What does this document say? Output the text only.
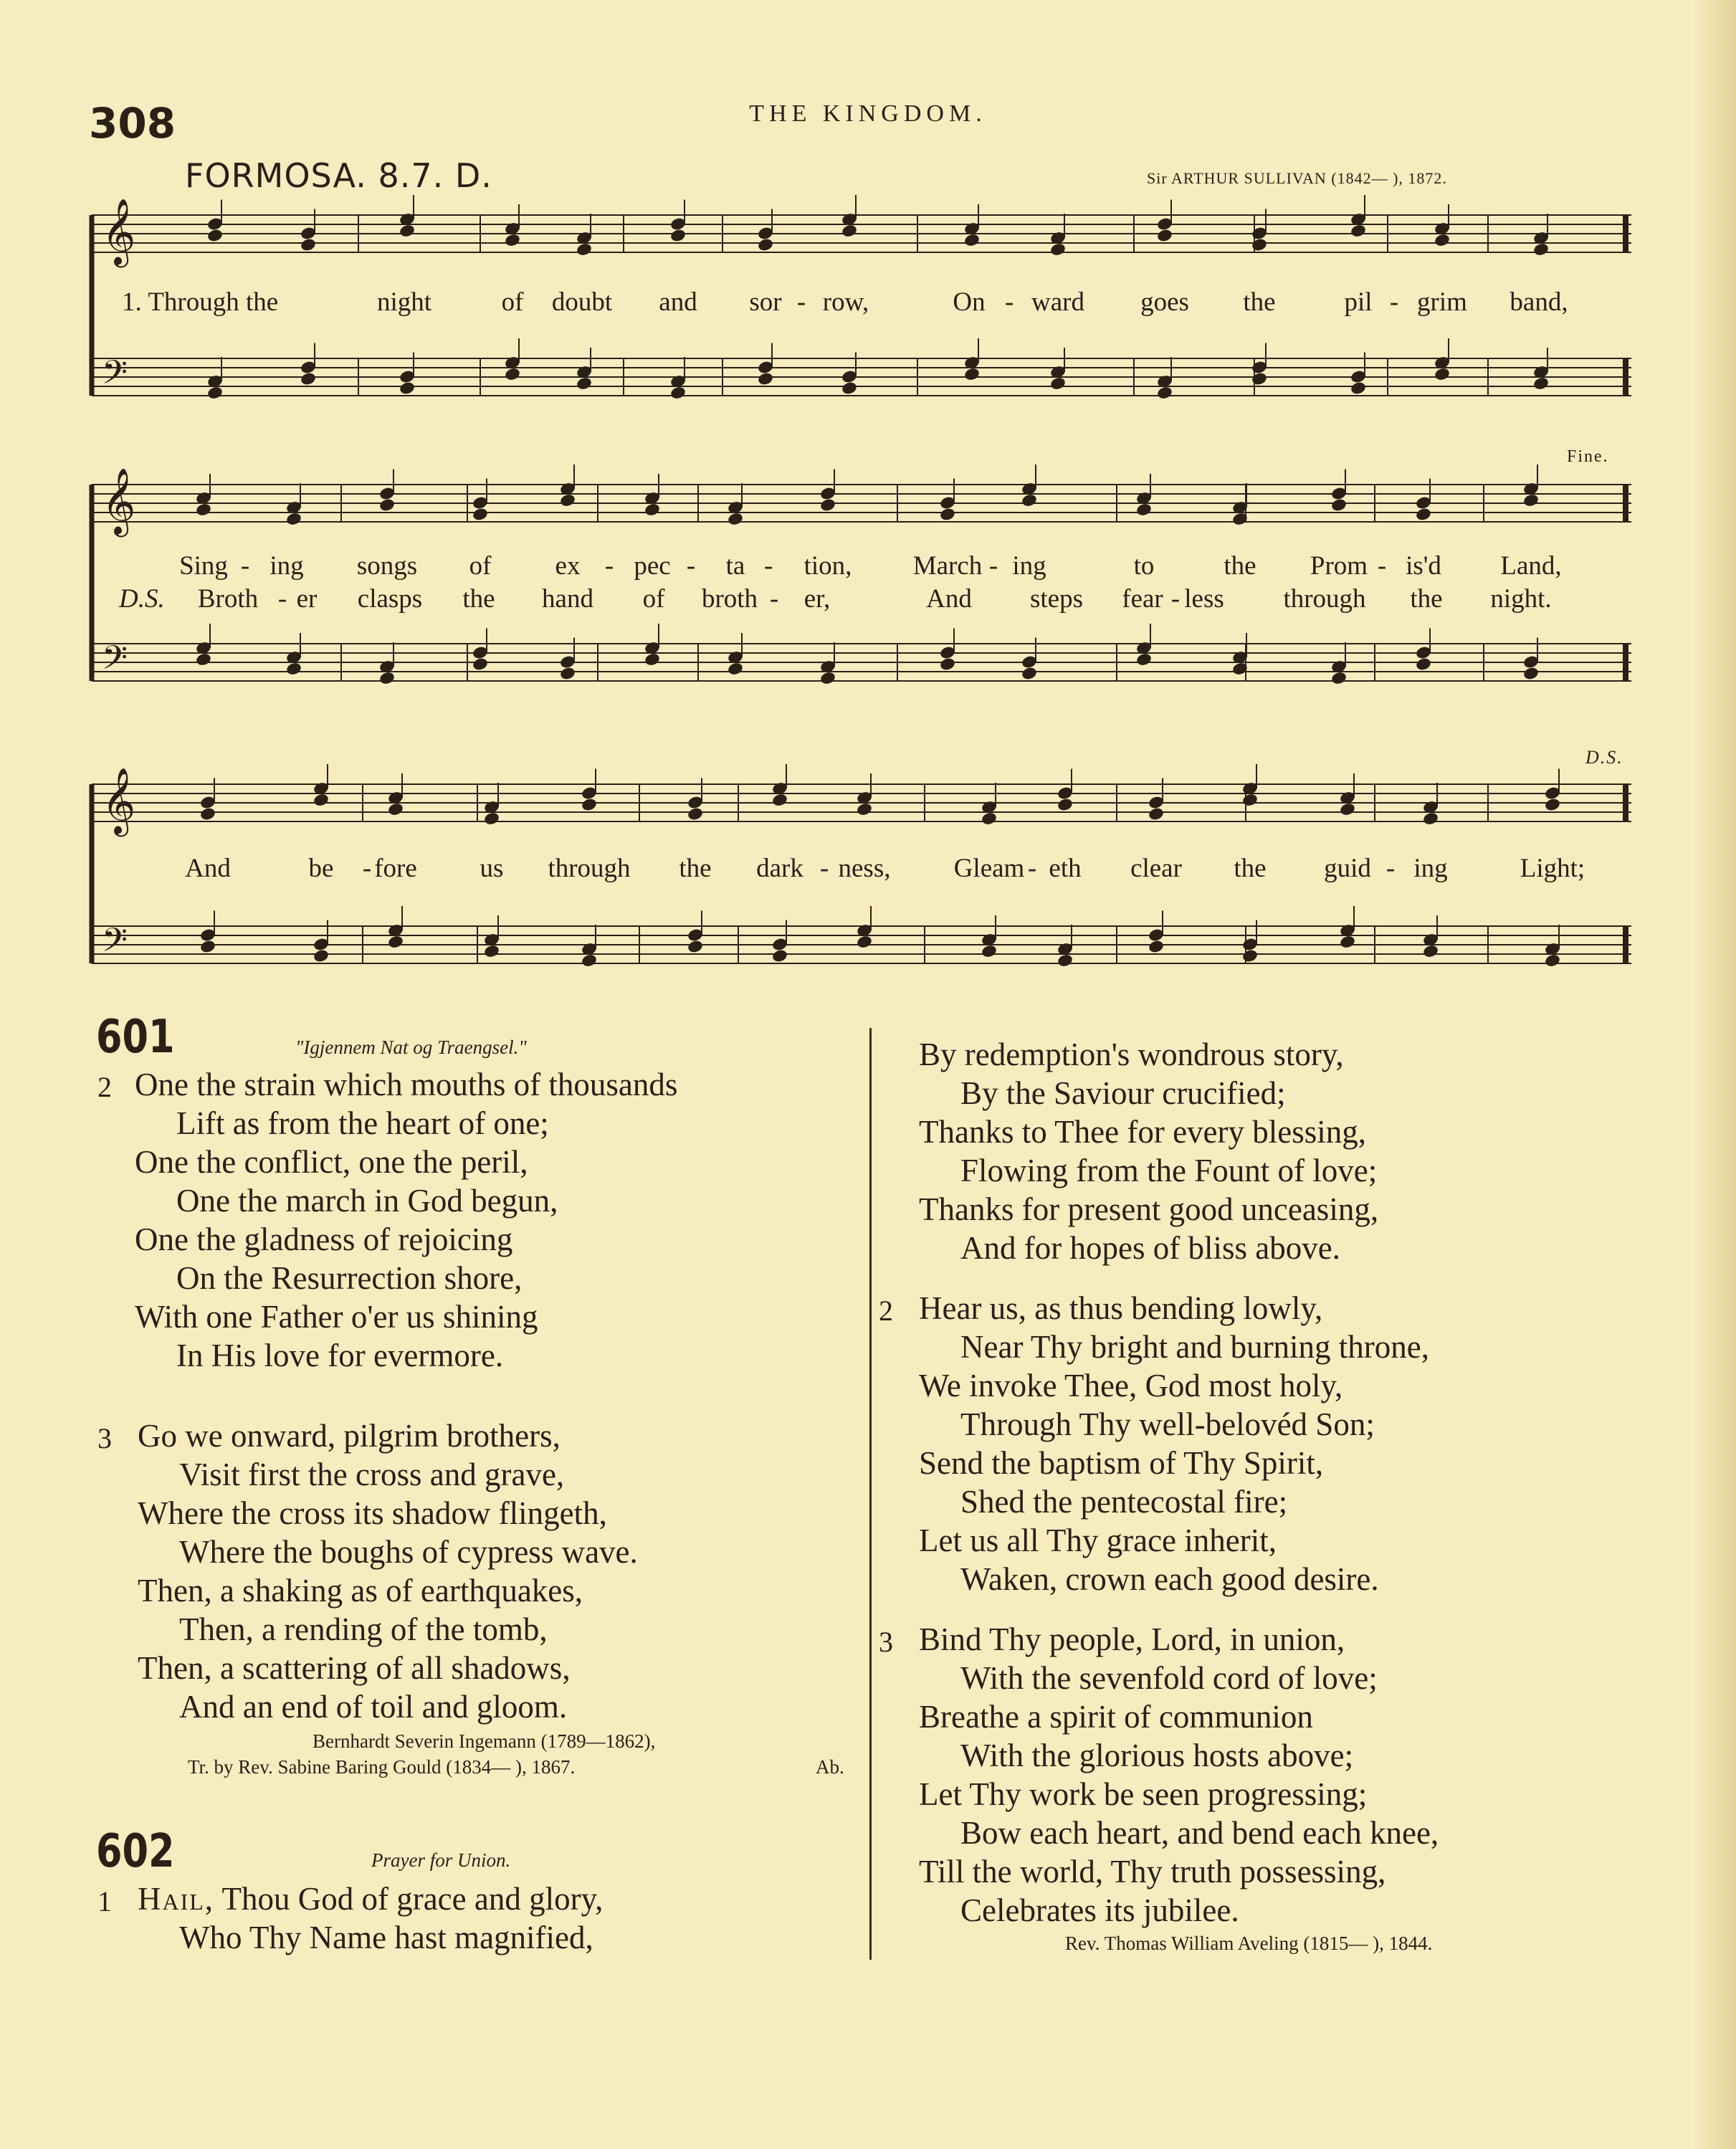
308	THE KINGDOM.
FORMOSA. 8.7. D.	Sir ARTHUR SULLIVAN (1842— ), 1872.
𝄞
𝄢
𝄞
𝄢
𝄞
𝄢
Fine.
D.S.
1. Through the	night	of doubt and sor - row,	On - ward goes the	pil - grim band,
Sing - ing songs of ex - pec - ta - tion, March - ing	to	the Prom - is'd Land,
Broth - er clasps the hand of broth - er,	And steps fear - less through the night.
D.S.
And	be - fore us through the dark - ness, Gleam - eth clear the guid - ing	Light;
601	"Igjennem Nat og Traengsel."
2 One the strain which mouths of thousands
Lift as from the heart of one;
One the conflict, one the peril,
One the march in God begun,
One the gladness of rejoicing
On the Resurrection shore,
With one Father o'er us shining
In His love for evermore.
3 Go we onward, pilgrim brothers,
Visit first the cross and grave,
Where the cross its shadow flingeth,
Where the boughs of cypress wave.
Then, a shaking as of earthquakes,
Then, a rending of the tomb,
Then, a scattering of all shadows,
And an end of toil and gloom.
Bernhardt Severin Ingemann (1789—1862),
Tr. by Rev. Sabine Baring Gould (1834— ), 1867.	Ab.
602	Prayer for Union.
1 Hail, Thou God of grace and glory,
Who Thy Name hast magnified,
By redemption's wondrous story,
By the Saviour crucified;
Thanks to Thee for every blessing,
Flowing from the Fount of love;
Thanks for present good unceasing,
And for hopes of bliss above.
2 Hear us, as thus bending lowly,
Near Thy bright and burning throne,
We invoke Thee, God most holy,
Through Thy well-belovéd Son;
Send the baptism of Thy Spirit,
Shed the pentecostal fire;
Let us all Thy grace inherit,
Waken, crown each good desire.
3 Bind Thy people, Lord, in union,
With the sevenfold cord of love;
Breathe a spirit of communion
With the glorious hosts above;
Let Thy work be seen progressing;
Bow each heart, and bend each knee,
Till the world, Thy truth possessing,
Celebrates its jubilee.
Rev. Thomas William Aveling (1815— ), 1844.
